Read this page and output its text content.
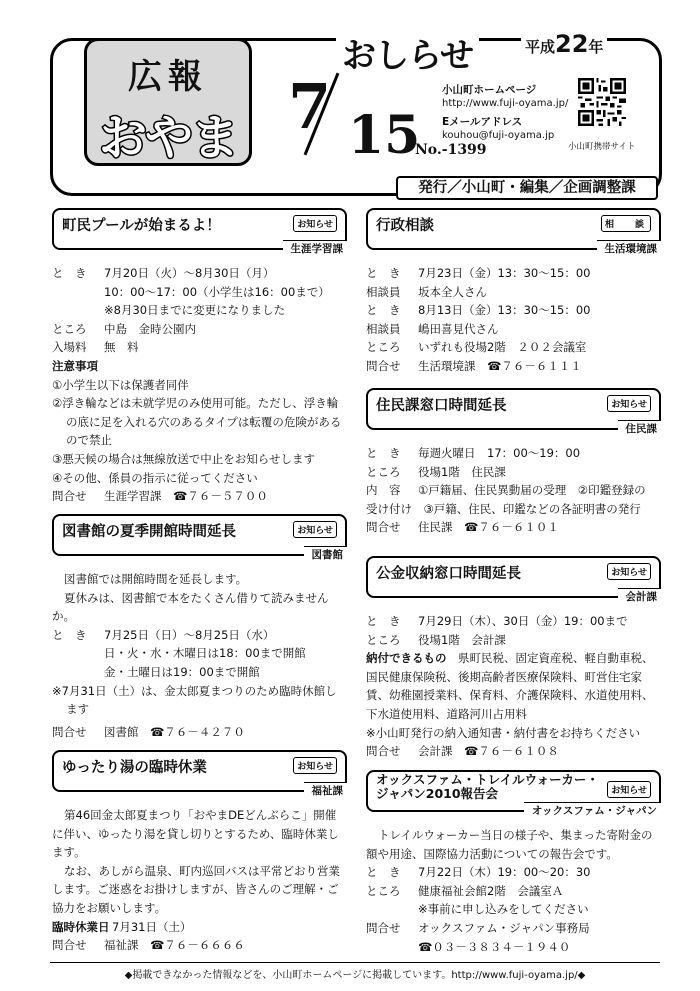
広報
おやま
おしらせ	平成22年
7 15
No.-1399
小山町ホームページ
http://www.fuji-oyama.jp/
Eメールアドレス
kouhou@fuji-oyama.jp
小山町携帯サイト
発行／小山町・編集／企画調整課
町民プールが始まるよ！	お知らせ
生涯学習課
と　き	7月20日（火）～8月30日（月）
10：00～17：00（小学生は16：00まで）
※8月30日までに変更になりました
ところ	中島　金時公園内
入場料	無　料
注意事項
①小学生以下は保護者同伴
②浮き輪などは未就学児のみ使用可能。ただし、浮き輪の底に足を入れる穴のあるタイプは転覆の危険があるので禁止
③悪天候の場合は無線放送で中止をお知らせします
④その他、係員の指示に従ってください
問合せ	生涯学習課　☎７６－５７００
図書館の夏季開館時間延長	お知らせ
図書館
図書館では開館時間を延長します。
夏休みは、図書館で本をたくさん借りて読みませんか。
と　き	7月25日（日）～8月25日（水）
日・火・水・木曜日は18：00まで開館
金・土曜日は19：00まで開館
※7月31日（土）は、金太郎夏まつりのため臨時休館します
問合せ	図書館　☎７６－４２７０
ゆったり湯の臨時休業	お知らせ
福祉課
第46回金太郎夏まつり「おやまDEどんぶらこ」開催に伴い、ゆったり湯を貸し切りとするため、臨時休業します。
なお、あしがら温泉、町内巡回バスは平常どおり営業します。ご迷惑をお掛けしますが、皆さんのご理解・ご協力をお願いします。
臨時休業日 7月31日（土）
問合せ	福祉課　☎７６－６６６６
行政相談	相　談
生活環境課
と　き	7月23日（金）13：30～15：00
相談員	坂本全人さん
と　き	8月13日（金）13：30～15：00
相談員	嶋田喜見代さん
ところ	いずれも役場2階　２０２会議室
問合せ	生活環境課　☎７６－６１１１
住民課窓口時間延長	お知らせ
住民課
と　き	毎週火曜日　17：00～19：00
ところ	役場1階　住民課
内　容	①戸籍届、住民異動届の受理　②印鑑登録の
受け付け　③戸籍、住民、印鑑などの各証明書の発行
問合せ	住民課　☎７６－６１０１
公金収納窓口時間延長	お知らせ
会計課
と　き	7月29日（木）、30日（金）19：00まで
ところ	役場1階　会計課
納付できるもの	県町民税、固定資産税、軽自動車税、
国民健康保険税、後期高齢者医療保険料、町営住宅家賃、幼稚園授業料、保育料、介護保険料、水道使用料、下水道使用料、道路河川占用料
※小山町発行の納入通知書・納付書をお持ちください
問合せ	会計課　☎７６－６１０８
オックスファム・トレイルウォーカー・
ジャパン2010報告会	お知らせ
オックスファム・ジャパン
トレイルウォーカー当日の様子や、集まった寄附金の額や用途、国際協力活動についての報告会です。
と　き	7月22日（木）19：00～20：30
ところ	健康福祉会館2階　会議室Ａ
※事前に申し込みをしてください
問合せ	オックスファム・ジャパン事務局
☎０３－３８３４－１９４０
◆掲載できなかった情報などを、小山町ホームページに掲載しています。http://www.fuji-oyama.jp/◆
